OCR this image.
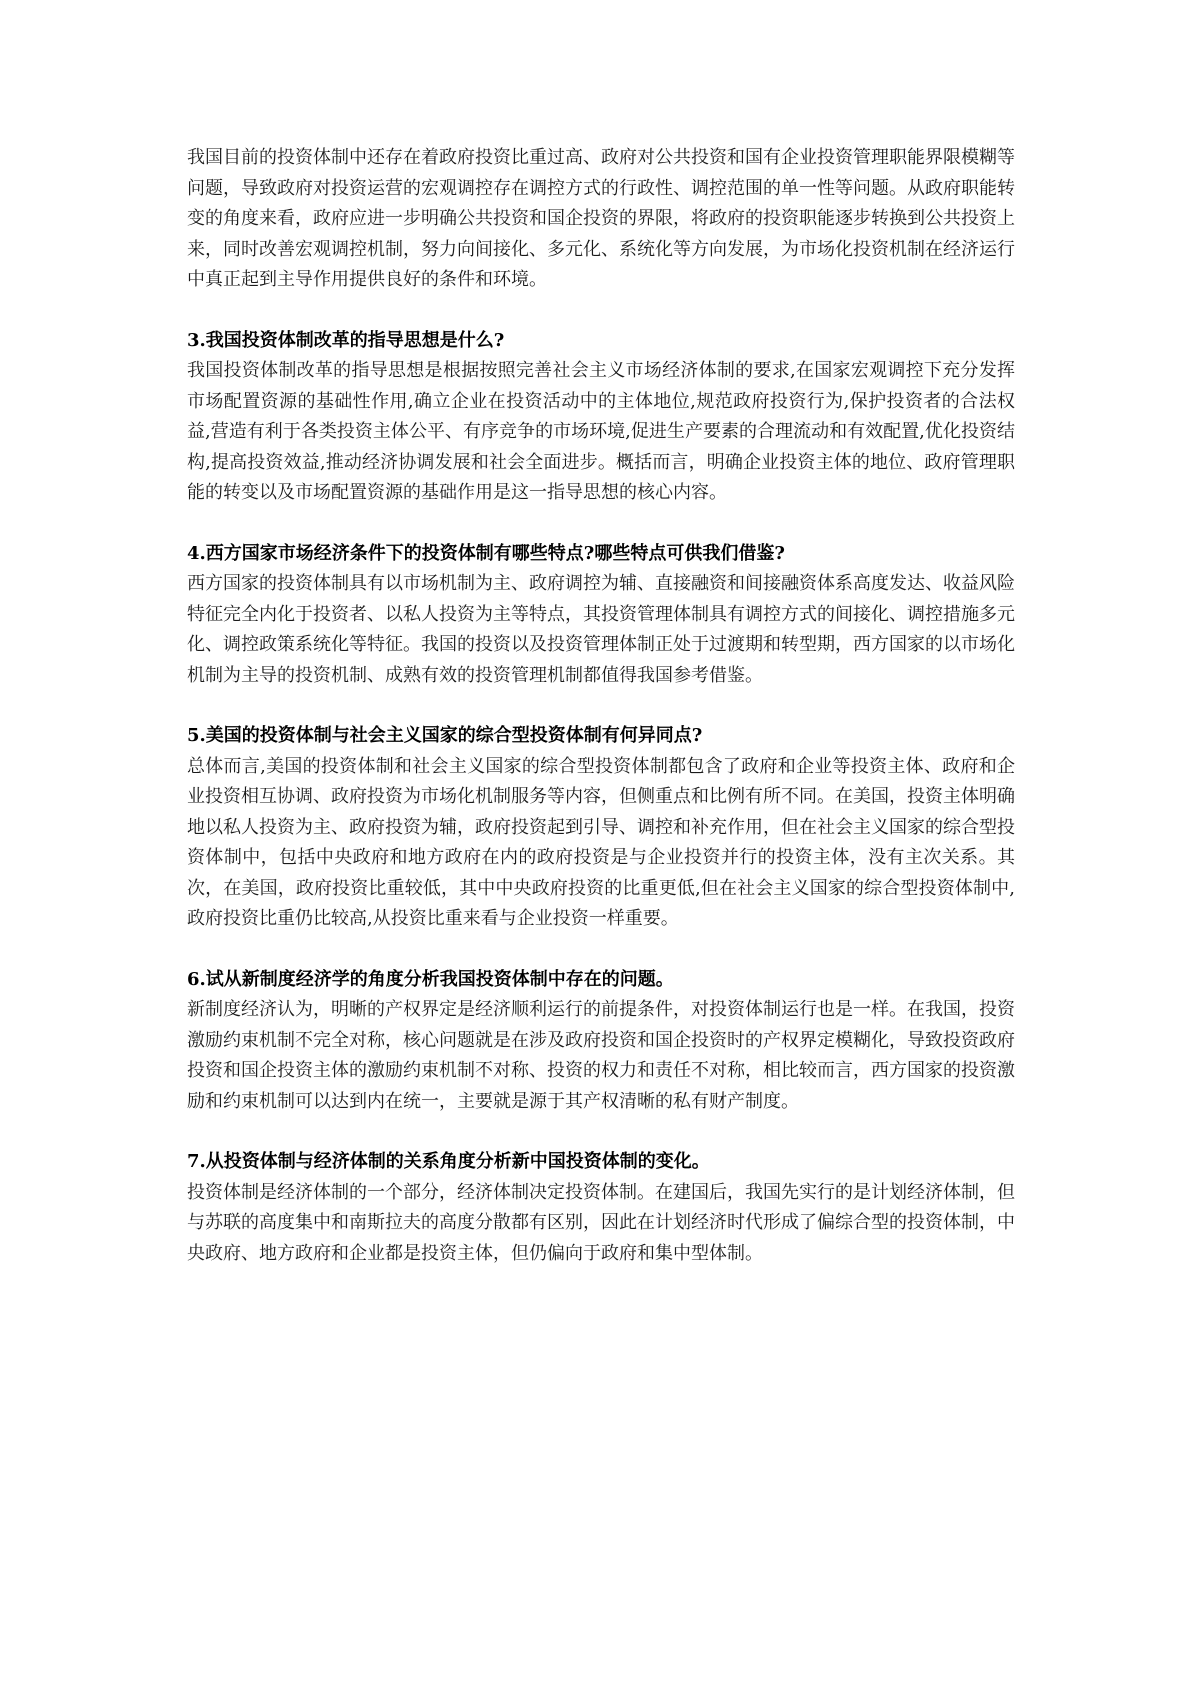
我国目前的投资体制中还存在着政府投资比重过高、政府对公共投资和国有企业投资管理职能界限模糊等问题，导致政府对投资运营的宏观调控存在调控方式的行政性、调控范围的单一性等问题。从政府职能转变的角度来看，政府应进一步明确公共投资和国企投资的界限，将政府的投资职能逐步转换到公共投资上来，同时改善宏观调控机制，努力向间接化、多元化、系统化等方向发展，为市场化投资机制在经济运行中真正起到主导作用提供良好的条件和环境。

3.我国投资体制改革的指导思想是什么?

我国投资体制改革的指导思想是根据按照完善社会主义市场经济体制的要求,在国家宏观调控下充分发挥市场配置资源的基础性作用,确立企业在投资活动中的主体地位,规范政府投资行为,保护投资者的合法权益,营造有利于各类投资主体公平、有序竞争的市场环境,促进生产要素的合理流动和有效配置,优化投资结构,提高投资效益,推动经济协调发展和社会全面进步。概括而言，明确企业投资主体的地位、政府管理职能的转变以及市场配置资源的基础作用是这一指导思想的核心内容。

4.西方国家市场经济条件下的投资体制有哪些特点?哪些特点可供我们借鉴?

西方国家的投资体制具有以市场机制为主、政府调控为辅、直接融资和间接融资体系高度发达、收益风险特征完全内化于投资者、以私人投资为主等特点，其投资管理体制具有调控方式的间接化、调控措施多元化、调控政策系统化等特征。我国的投资以及投资管理体制正处于过渡期和转型期，西方国家的以市场化机制为主导的投资机制、成熟有效的投资管理机制都值得我国参考借鉴。

5.美国的投资体制与社会主义国家的综合型投资体制有何异同点?

总体而言,美国的投资体制和社会主义国家的综合型投资体制都包含了政府和企业等投资主体、政府和企业投资相互协调、政府投资为市场化机制服务等内容，但侧重点和比例有所不同。在美国，投资主体明确地以私人投资为主、政府投资为辅，政府投资起到引导、调控和补充作用，但在社会主义国家的综合型投资体制中，包括中央政府和地方政府在内的政府投资是与企业投资并行的投资主体，没有主次关系。其次，在美国，政府投资比重较低，其中中央政府投资的比重更低,但在社会主义国家的综合型投资体制中,政府投资比重仍比较高,从投资比重来看与企业投资一样重要。

6.试从新制度经济学的角度分析我国投资体制中存在的问题。

新制度经济认为，明晰的产权界定是经济顺利运行的前提条件，对投资体制运行也是一样。在我国，投资激励约束机制不完全对称，核心问题就是在涉及政府投资和国企投资时的产权界定模糊化，导致投资政府投资和国企投资主体的激励约束机制不对称、投资的权力和责任不对称，相比较而言，西方国家的投资激励和约束机制可以达到内在统一，主要就是源于其产权清晰的私有财产制度。

7.从投资体制与经济体制的关系角度分析新中国投资体制的变化。

投资体制是经济体制的一个部分，经济体制决定投资体制。在建国后，我国先实行的是计划经济体制，但与苏联的高度集中和南斯拉夫的高度分散都有区别，因此在计划经济时代形成了偏综合型的投资体制，中央政府、地方政府和企业都是投资主体，但仍偏向于政府和集中型体制。
